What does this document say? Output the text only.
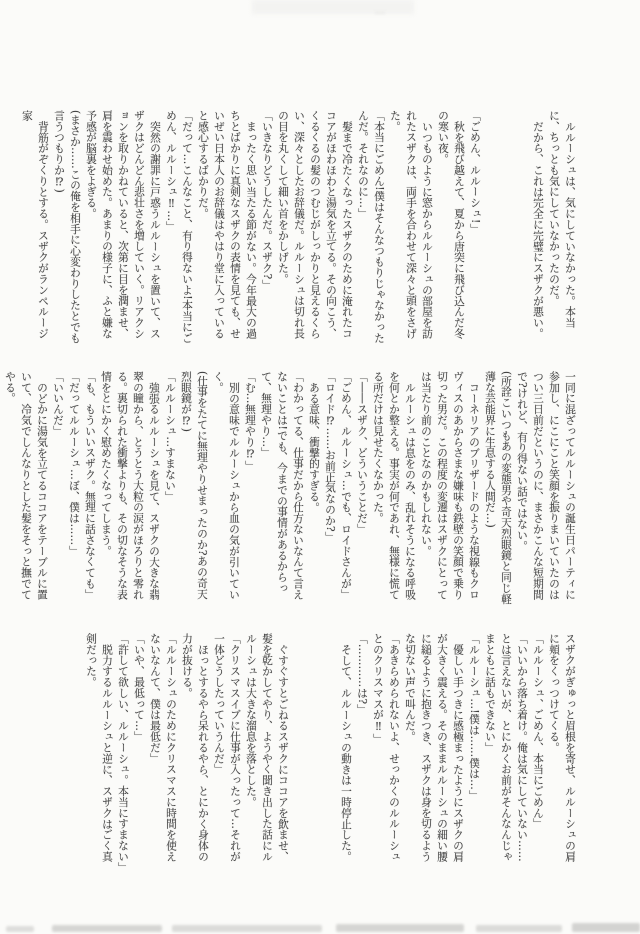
ルルーシュは、気にしていなかった。本当に、ちっとも気にしていなかったのだ。

だから、これは完全に完璧にスザクが悪い。

「ごめん、ルルーシュ!」

秋を飛び越えて、夏から唐突に飛び込んだ冬の寒い夜。

いつものように窓からルルーシュの部屋を訪れたスザクは、両手を合わせて深々と頭をさげた。

「本当にごめん!僕はそんなつもりじゃなかったんだ。それなのに…」

髪まで冷たくなったスザクのために淹れたココアがほわほわと湯気を立てる。その向こう、くるくるの髪のつむじがしっかりと見えるくらい、深々としたお辞儀だ。ルルーシュは切れ長の目を丸くして細い首をかしげた。

「いきなりどうしたんだ。スザク?」

まったく思い当たる節がない。今年最大の過ちとばかりに真剣なスザクの表情を見ても、せいぜい日本人のお辞儀はやはり堂に入っていると感心するばかりだ。

「だって…こんなこと、有り得ないよ!本当にごめん、ルルーシュ‼…」

突然の謝罪に戸惑うルルーシュを置いて、スザクはどんどん悲壮さを増していく。リアクションを取りかねていると、次第に目を潤ませ、肩を震わせ始めた。あまりの様子に、ふと嫌な予感が脳裏をよぎる。

(まさか……この俺を相手に心変わりしたとでも言うつもりか⁉)

背筋がぞくりとする。スザクがランペルージ家

一同に混ざってルルーシュの誕生日パーティに参加し、にこにこと笑顔を振りまいていたのはつい三日前だというのに、まさかこんな短期間で?けれど、有り得ない話ではない。

(所詮こいつもあの変態男や奇天烈眼鏡と同じ軽薄な芸能界に生息する人間だ…)

コーネリアのブリザードのような視線もクロヴィスのあからさまな嫌味も鉄壁の笑顔で乗り切った男だ。この程度の変遷はスザクにとっては当たり前のことなのかもしれない。

ルルーシュは息をのみ、乱れそうになる呼吸を何とか整える。事実が何であれ、無様に慌てる所だけは見せたくなかった。

「――スザク、どういうことだ」

「ごめん、ルルーシュ…でも、ロイドさんが」

「ロイド⁉……お前正気なのか?」

ある意味、衝撃的すぎる。

「わかってる、仕事だから仕方ないなんて言えないことは!でも、今までの事情があるからって、無理やり…」

「む…無理やり⁉」

別の意味でルルーシュから血の気が引いていく。

(仕事をたてに無理やりせまったのか?あの奇天烈眼鏡が⁉)

「ルルーシュ…すまない」

強張るルルーシュを見て、スザクの大きな翡翠の瞳から、とうとう大粒の涙がほろりと零れる。裏切られた衝撃よりも、その切なそうな表情をとにかく慰めたくなってしまう。

「も、もういいスザク。無理に話さなくても」

「だってルルーシュ…ぼ、僕は……」

「いいんだ」

のどかに湯気を立てるココアをテーブルに置いて、冷気でしんなりとした髪をそっと撫でてやる。

スザクがぎゅっと眉根を寄せ、ルルーシュの肩に頬をくっつけてくる。

「ルルーシュ、ごめん、本当にごめん」

「いいから落ち着け。俺は気にしていない……とは言えないが、とにかくお前がそんなんじゃまともに話もできない」

「ルルーシュ…!僕は……僕は…」

優しい手つきに感極まったようにスザクの肩が大きく震える。そのままルルーシュの細い腰に縋るように抱きつき、スザクは身を切るような切ない声で叫んだ。

「あきらめられないよ、せっかくのルルーシュとのクリスマスが‼」

「…………は?」

そして、ルルーシュの動きは一時停止した。

ぐすぐすとごねるスザクにココアを飲ませ、髪を乾かしてやり、ようやく聞き出した話にルルーシュは大きな溜息を落とした。

「クリスマスイブに仕事が入ったって…それが一体どうしたっていうんだ」

ほっとするやら呆れるやら、とにかく身体の力が抜ける。

「ルルーシュのためにクリスマスに時間を使えないなんて、僕は最低だ」

「いや、最低って…」

「許して欲しい、ルルーシュ。本当にすまない」

脱力するルルーシュと逆に、スザクはごく真剣だった。
